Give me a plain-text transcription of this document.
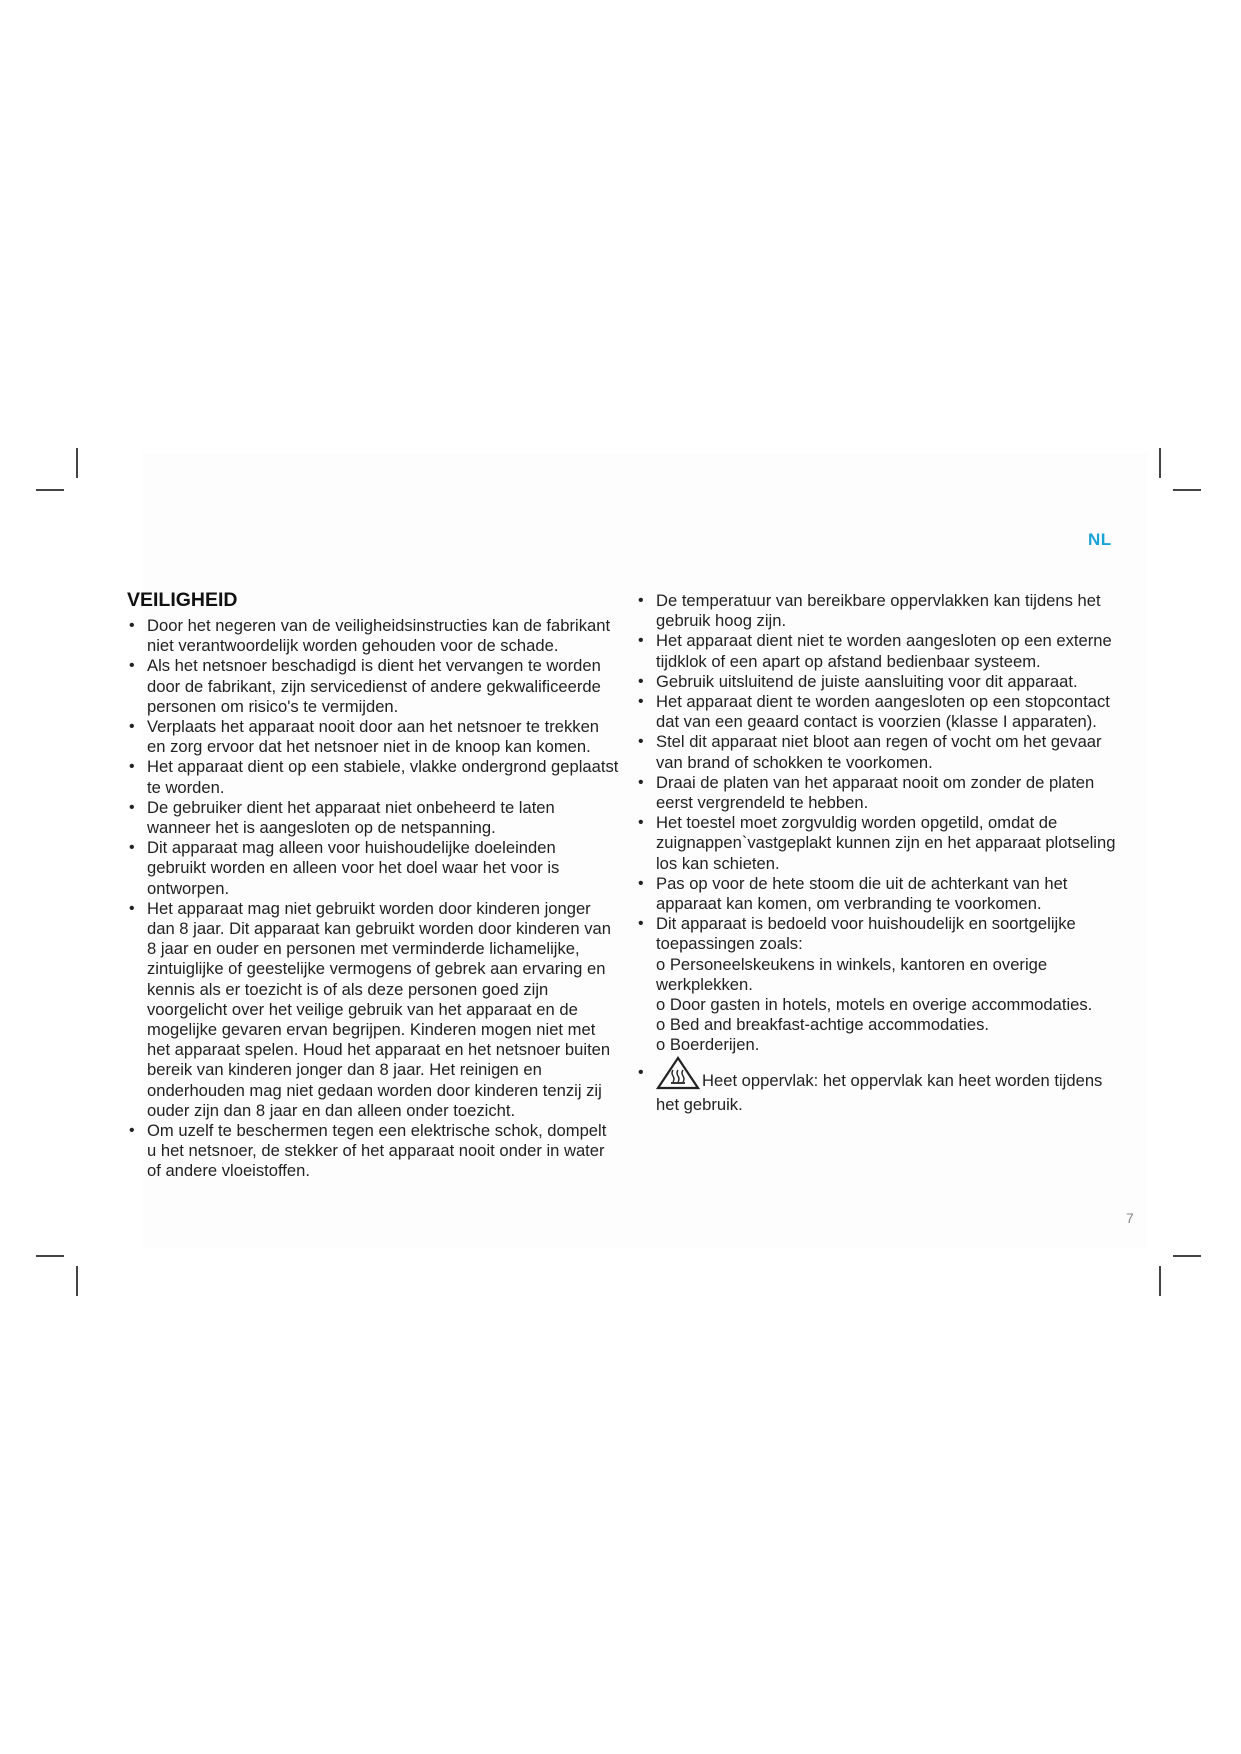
NL
VEILIGHEID
• Door het negeren van de veiligheidsinstructies kan de fabrikant niet verantwoordelijk worden gehouden voor de schade.
• Als het netsnoer beschadigd is dient het vervangen te worden door de fabrikant, zijn servicedienst of andere gekwalificeerde personen om risico's te vermijden.
• Verplaats het apparaat nooit door aan het netsnoer te trekken en zorg ervoor dat het netsnoer niet in de knoop kan komen.
• Het apparaat dient op een stabiele, vlakke ondergrond geplaatst te worden.
• De gebruiker dient het apparaat niet onbeheerd te laten wanneer het is aangesloten op de netspanning.
• Dit apparaat mag alleen voor huishoudelijke doeleinden gebruikt worden en alleen voor het doel waar het voor is ontworpen.
• Het apparaat mag niet gebruikt worden door kinderen jonger dan 8 jaar. Dit apparaat kan gebruikt worden door kinderen van 8 jaar en ouder en personen met verminderde lichamelijke, zintuiglijke of geestelijke vermogens of gebrek aan ervaring en kennis als er toezicht is of als deze personen goed zijn voorgelicht over het veilige gebruik van het apparaat en de mogelijke gevaren ervan begrijpen. Kinderen mogen niet met het apparaat spelen. Houd het apparaat en het netsnoer buiten bereik van kinderen jonger dan 8 jaar. Het reinigen en onderhouden mag niet gedaan worden door kinderen tenzij zij ouder zijn dan 8 jaar en dan alleen onder toezicht.
• Om uzelf te beschermen tegen een elektrische schok, dompelt u het netsnoer, de stekker of het apparaat nooit onder in water of andere vloeistoffen.
• De temperatuur van bereikbare oppervlakken kan tijdens het gebruik hoog zijn.
• Het apparaat dient niet te worden aangesloten op een externe tijdklok of een apart op afstand bedienbaar systeem.
• Gebruik uitsluitend de juiste aansluiting voor dit apparaat.
• Het apparaat dient te worden aangesloten op een stopcontact dat van een geaard contact is voorzien (klasse I apparaten).
• Stel dit apparaat niet bloot aan regen of vocht om het gevaar van brand of schokken te voorkomen.
• Draai de platen van het apparaat nooit om zonder de platen eerst vergrendeld te hebben.
• Het toestel moet zorgvuldig worden opgetild, omdat de zuignappen`vastgeplakt kunnen zijn en het apparaat plotseling los kan schieten.
• Pas op voor de hete stoom die uit de achterkant van het apparaat kan komen, om verbranding te voorkomen.
• Dit apparaat is bedoeld voor huishoudelijk en soortgelijke toepassingen zoals:
o Personeelskeukens in winkels, kantoren en overige werkplekken.
o Door gasten in hotels, motels en overige accommodaties.
o Bed and breakfast-achtige accommodaties.
o Boerderijen.
•	Heet oppervlak: het oppervlak kan heet worden tijdens het gebruik.
7
